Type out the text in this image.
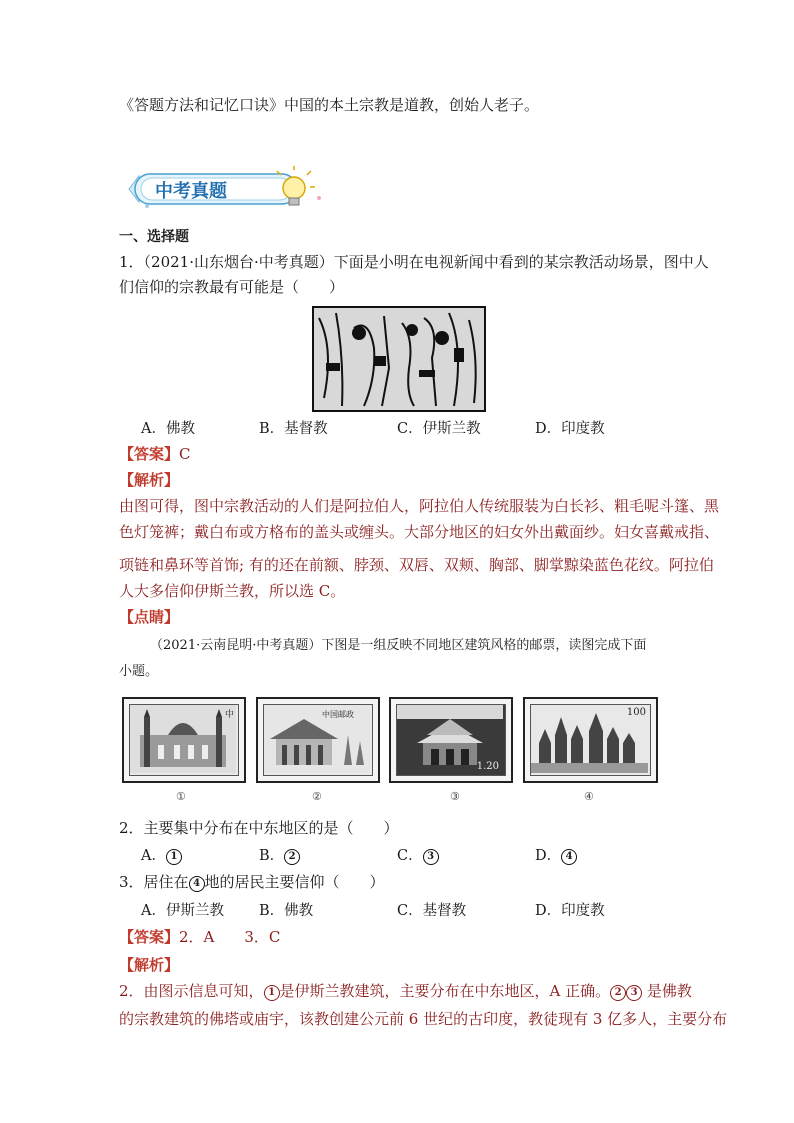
《答题方法和记忆口诀》中国的本土宗教是道教，创始人老子。
中考真题
一、选择题
1．（2021·山东烟台·中考真题）下面是小明在电视新闻中看到的某宗教活动场景，图中人
们信仰的宗教最有可能是（　　）
A．佛教	B．基督教	C．伊斯兰教	D．印度教
【答案】C
【解析】
由图可得，图中宗教活动的人们是阿拉伯人，阿拉伯人传统服装为白长衫、粗毛呢斗篷、黑
色灯笼裤；戴白布或方格布的盖头或缠头。大部分地区的妇女外出戴面纱。妇女喜戴戒指、
项链和鼻环等首饰; 有的还在前额、脖颈、双唇、双颊、胸部、脚掌黥染蓝色花纹。阿拉伯
人大多信仰伊斯兰教，所以选 C。
【点睛】
（2021·云南昆明·中考真题）下图是一组反映不同地区建筑风格的邮票，读图完成下面
小题。
中	中国邮政
1.20
100
①	②	③	④
2．主要集中分布在中东地区的是（　　）
A． 1	B． 2	C． 3	D． 4
3．居住在 4 地的居民主要信仰（　　）
A．伊斯兰教 B．佛教	C．基督教	D．印度教
【答案】2．A　　3．C
【解析】
2．由图示信息可知， 1 是伊斯兰教建筑，主要分布在中东地区，A 正确。 2 3 是佛教
的宗教建筑的佛塔或庙宇，该教创建公元前 6 世纪的古印度，教徒现有 3 亿多人，主要分布
